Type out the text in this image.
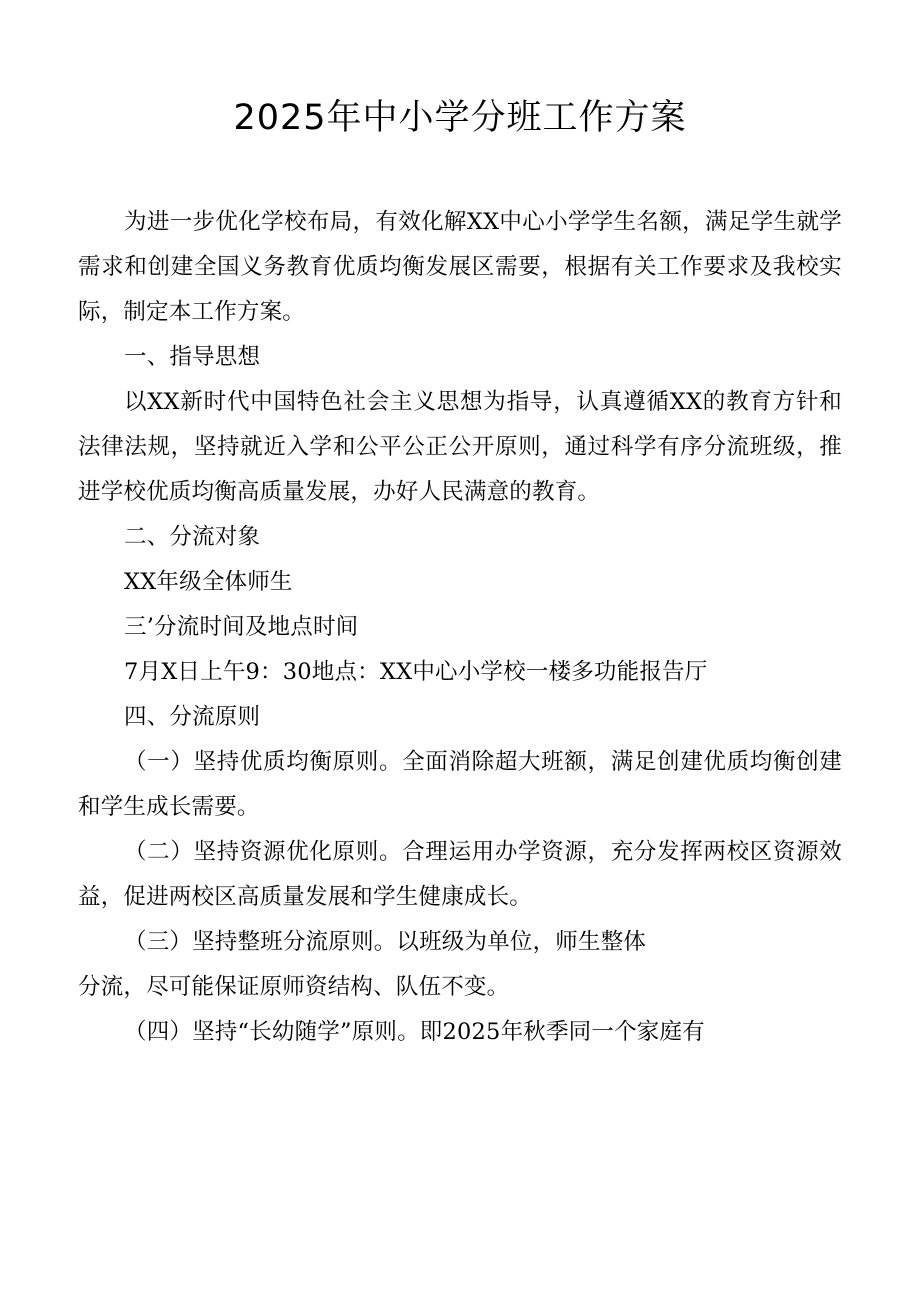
2025年中小学分班工作方案

为进一步优化学校布局，有效化解XX中心小学学生名额，满足学生就学需求和创建全国义务教育优质均衡发展区需要，根据有关工作要求及我校实际，制定本工作方案。

一、指导思想

以XX新时代中国特色社会主义思想为指导，认真遵循XX的教育方针和法律法规，坚持就近入学和公平公正公开原则，通过科学有序分流班级，推进学校优质均衡高质量发展，办好人民满意的教育。

二、分流对象

XX年级全体师生

三’分流时间及地点时间

7月X日上午9：30地点：XX中心小学校一楼多功能报告厅

四、分流原则

（一）坚持优质均衡原则。全面消除超大班额，满足创建优质均衡创建和学生成长需要。

（二）坚持资源优化原则。合理运用办学资源，充分发挥两校区资源效益，促进两校区高质量发展和学生健康成长。

（三）坚持整班分流原则。以班级为单位，师生整体

分流，尽可能保证原师资结构、队伍不变。

（四）坚持“长幼随学”原则。即2025年秋季同一个家庭有
